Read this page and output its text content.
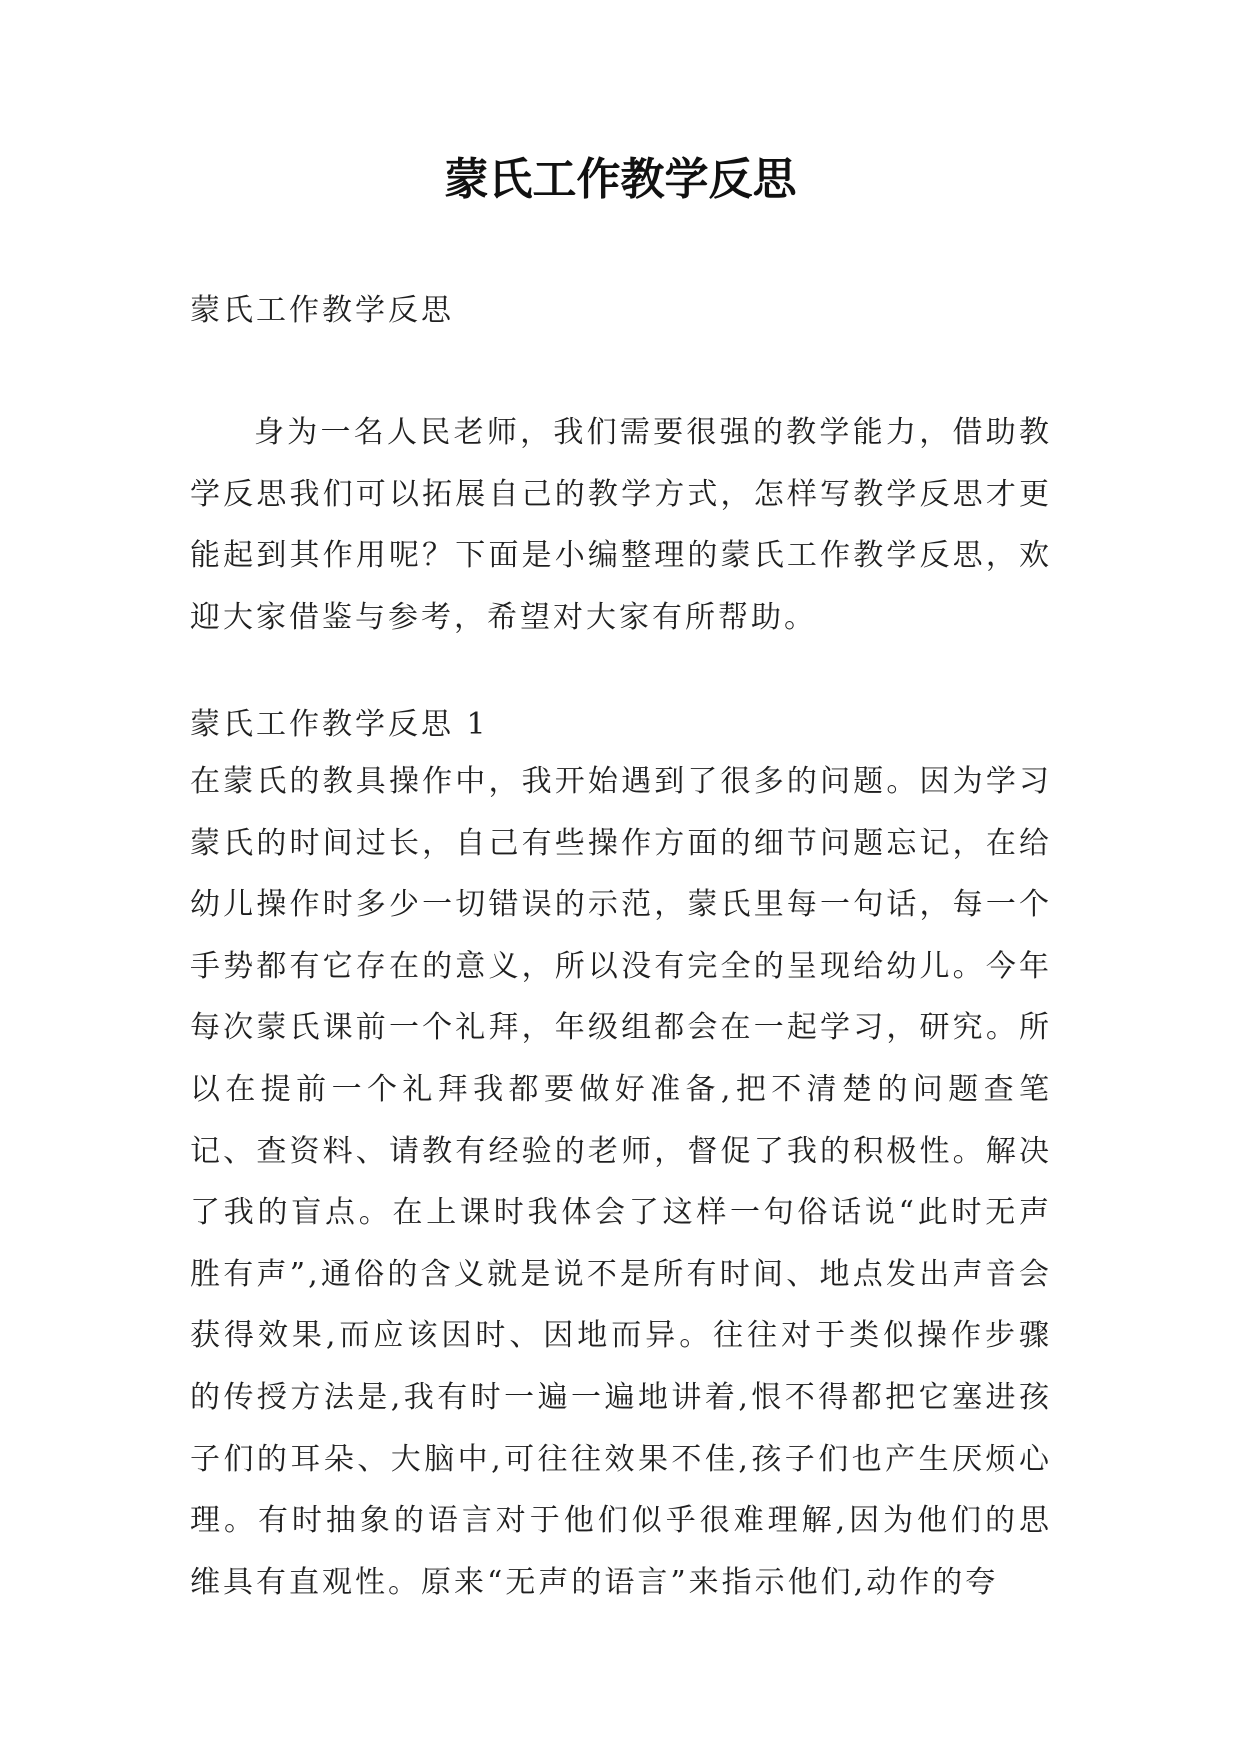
蒙氏工作教学反思

蒙氏工作教学反思

身为一名人民老师，我们需要很强的教学能力，借助教学反思我们可以拓展自己的教学方式，怎样写教学反思才更能起到其作用呢？下面是小编整理的蒙氏工作教学反思，欢迎大家借鉴与参考，希望对大家有所帮助。

蒙氏工作教学反思 1

在蒙氏的教具操作中，我开始遇到了很多的问题。因为学习蒙氏的时间过长，自己有些操作方面的细节问题忘记，在给幼儿操作时多少一切错误的示范，蒙氏里每一句话，每一个手势都有它存在的意义，所以没有完全的呈现给幼儿。今年每次蒙氏课前一个礼拜，年级组都会在一起学习，研究。所以在提前一个礼拜我都要做好准备,把不清楚的问题查笔记、查资料、请教有经验的老师，督促了我的积极性。解决了我的盲点。在上课时我体会了这样一句俗话说“此时无声胜有声”,通俗的含义就是说不是所有时间、地点发出声音会获得效果,而应该因时、因地而异。往往对于类似操作步骤的传授方法是,我有时一遍一遍地讲着,恨不得都把它塞进孩子们的耳朵、大脑中,可往往效果不佳,孩子们也产生厌烦心理。有时抽象的语言对于他们似乎很难理解,因为他们的思维具有直观性。原来“无声的语言”来指示他们,动作的夸
